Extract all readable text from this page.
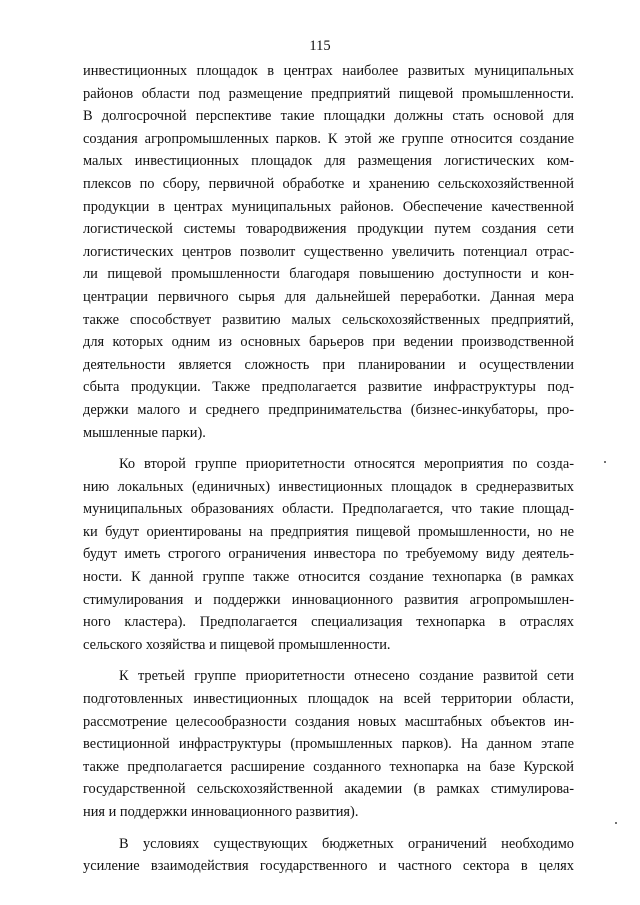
115
инвестиционных площадок в центрах наиболее развитых муниципальных
районов области под размещение предприятий пищевой промышленности.
В долгосрочной перспективе такие площадки должны стать основой для
создания агропромышленных парков. К этой же группе относится создание
малых инвестиционных площадок для размещения логистических ком-
плексов по сбору, первичной обработке и хранению сельскохозяйственной
продукции в центрах муниципальных районов. Обеспечение качественной
логистической системы товародвижения продукции путем создания сети
логистических центров позволит существенно увеличить потенциал отрас-
ли пищевой промышленности благодаря повышению доступности и кон-
центрации первичного сырья для дальнейшей переработки. Данная мера
также способствует развитию малых сельскохозяйственных предприятий,
для которых одним из основных барьеров при ведении производственной
деятельности является сложность при планировании и осуществлении
сбыта продукции. Также предполагается развитие инфраструктуры под-
держки малого и среднего предпринимательства (бизнес-инкубаторы, про-
мышленные парки).
Ко второй группе приоритетности относятся мероприятия по созда-
нию локальных (единичных) инвестиционных площадок в среднеразвитых
муниципальных образованиях области. Предполагается, что такие площад-
ки будут ориентированы на предприятия пищевой промышленности, но не
будут иметь строгого ограничения инвестора по требуемому виду деятель-
ности. К данной группе также относится создание технопарка (в рамках
стимулирования и поддержки инновационного развития агропромышлен-
ного кластера). Предполагается специализация технопарка в отраслях
сельского хозяйства и пищевой промышленности.
К третьей группе приоритетности отнесено создание развитой сети
подготовленных инвестиционных площадок на всей территории области,
рассмотрение целесообразности создания новых масштабных объектов ин-
вестиционной инфраструктуры (промышленных парков). На данном этапе
также предполагается расширение созданного технопарка на базе Курской
государственной сельскохозяйственной академии (в рамках стимулирова-
ния и поддержки инновационного развития).
В условиях существующих бюджетных ограничений необходимо
усиление взаимодействия государственного и частного сектора в целях
